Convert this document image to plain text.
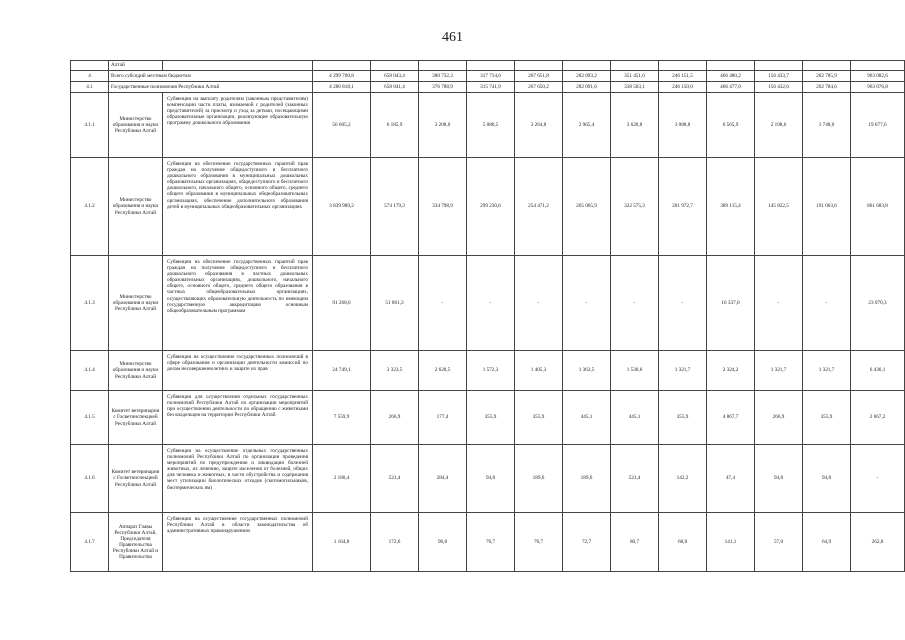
461
	Алтай													
4	Всего субсидий местным бюджетам		4 299 700,8	658 043,4	380 732,3	317 714,6	267 651,8	282 093,2	351 451,6	246 151,5	466 480,2	156 433,7	202 785,9	963 082,6
4.1	Государственные полномочия Республики Алтай		4 280 818,1	658 041,4	376 788,9	315 741,9	267 650,2	282 091,6	338 503,1	246 150,0	466 477,0	156 432,6	202 784,6	963 076,8
4.1.1	Министерство образования и науки Республики Алтай	Субвенции на выплату родителям (законным представителям) компенсации части платы, взимаемой с родителей (законных представителей) за присмотр и уход за детьми, посещающими образовательные организации, реализующие образовательную программу дошкольного образования	56 605,2	6 185,9	3 208,0	5 080,5	3 264,8	2 965,4	3 620,8	3 088,8	6 565,9	2 198,6	1 748,0	19 677,6
4.1.2	Министерство образования и науки Республики Алтай	Субвенции на обеспечение государственных гарантий прав граждан на получение общедоступного и бесплатного дошкольного образования в муниципальных дошкольных образовательных организациях, общедоступного и бесплатного дошкольного, начального общего, основного общего, среднего общего образования в муниципальных общеобразовательных организациях, обеспечение дополнительного образования детей в муниципальных общеобразовательных организациях	3 839 989,2	574 179,3	334 798,9	299 230,6	254 471,2	265 065,9	322 575,3	201 972,7	389 115,4	145 822,5	191 063,6	861 683,8
4.1.3	Министерство образования и науки Республики Алтай	Субвенции на обеспечение государственных гарантий прав граждан на получение общедоступного и бесплатного дошкольного образования в частных дошкольных образовательных организациях, дошкольного, начального общего, основного общего, среднего общего образования в частных общеобразовательных организациях, осуществляющих образовательную деятельность по имеющим государственную аккредитацию основным общеобразовательным программам	91 268,6	51 861,3	-	-	-	-	-	-	16 337,0	-	-	23 070,3
4.1.4	Министерство образования и науки Республики Алтай	Субвенции на осуществление государственных полномочий в сфере образования и организации деятельности комиссий по делам несовершеннолетних и защите их прав	24 749,1	3 323,5	2 628,5	1 572,3	1 405,3	1 363,5	1 530,6	1 321,7	2 324,2	1 321,7	1 321,7	6 436,1
4.1.5	Комитет ветеринарии с Госветинспекцией Республики Алтай	Субвенции для осуществления отдельных государственных полномочий Республики Алтай по организации мероприятий при осуществлении деятельности по обращению с животными без владельцев на территории Республики Алтай	7 559,9	266,9	177,4	355,9	355,9	445,1	445,1	355,9	4 867,7	266,9	355,9	2 667,2
4.1.6	Комитет ветеринарии с Госветинспекцией Республики Алтай	Субвенции на осуществление отдельных государственных полномочий Республики Алтай по организации проведения мероприятий по предупреждению и ликвидации болезней животных, их лечению, защите населения от болезней, общих для человека и животных, в части обустройства и содержания мест утилизации биологических отходов (скотомогильников, биотермических ям)	2 180,4	521,4	284,4	94,8	189,6	189,6	521,4	142,2	47,4	94,8	94,8	-
4.1.7	Аппарат Главы Республики Алтай, Председателя Правительства Республики Алтай и Правительства	Субвенции на осуществление государственных полномочий Республики Алтай в области законодательства об административных правонарушениях	1 164,8	172,6	90,8	76,7	76,7	72,7	80,7	68,8	141,1	57,0	64,9	262,8
